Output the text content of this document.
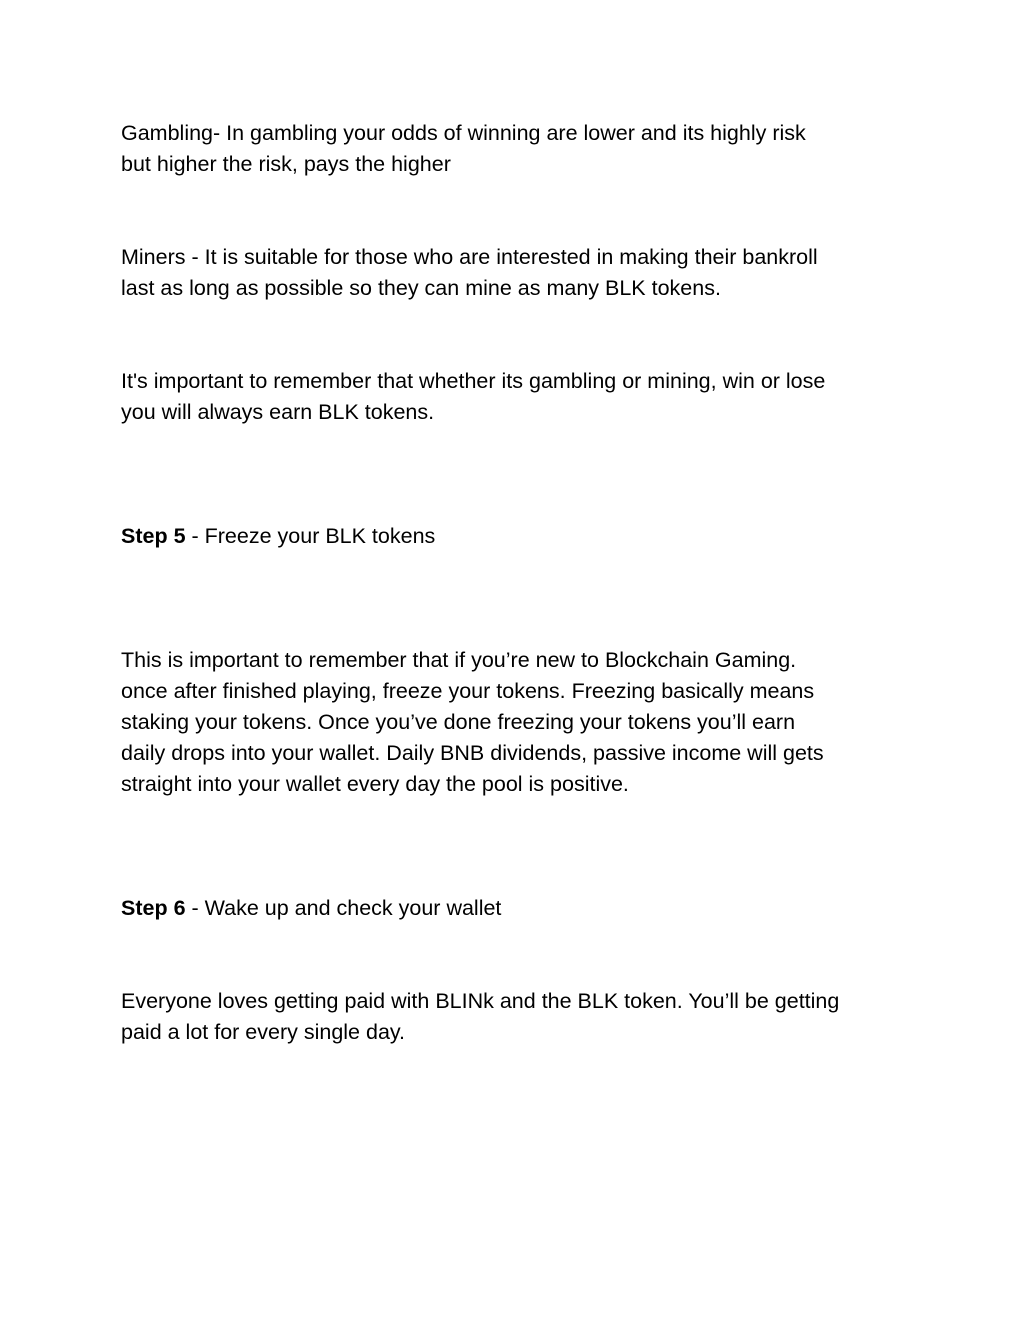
Gambling- In gambling your odds of winning are lower and its highly risk
but higher the risk, pays the higher

Miners - It is suitable for those who are interested in making their bankroll
last as long as possible so they can mine as many BLK tokens.

It's important to remember that whether its gambling or mining, win or lose
you will always earn BLK tokens.

Step 5 - Freeze your BLK tokens

This is important to remember that if you’re new to Blockchain Gaming.
once after finished playing, freeze your tokens. Freezing basically means
staking your tokens. Once you’ve done freezing your tokens you’ll earn
daily drops into your wallet. Daily BNB dividends, passive income will gets
straight into your wallet every day the pool is positive.

Step 6 - Wake up and check your wallet

Everyone loves getting paid with BLINk and the BLK token. You’ll be getting
paid a lot for every single day.
